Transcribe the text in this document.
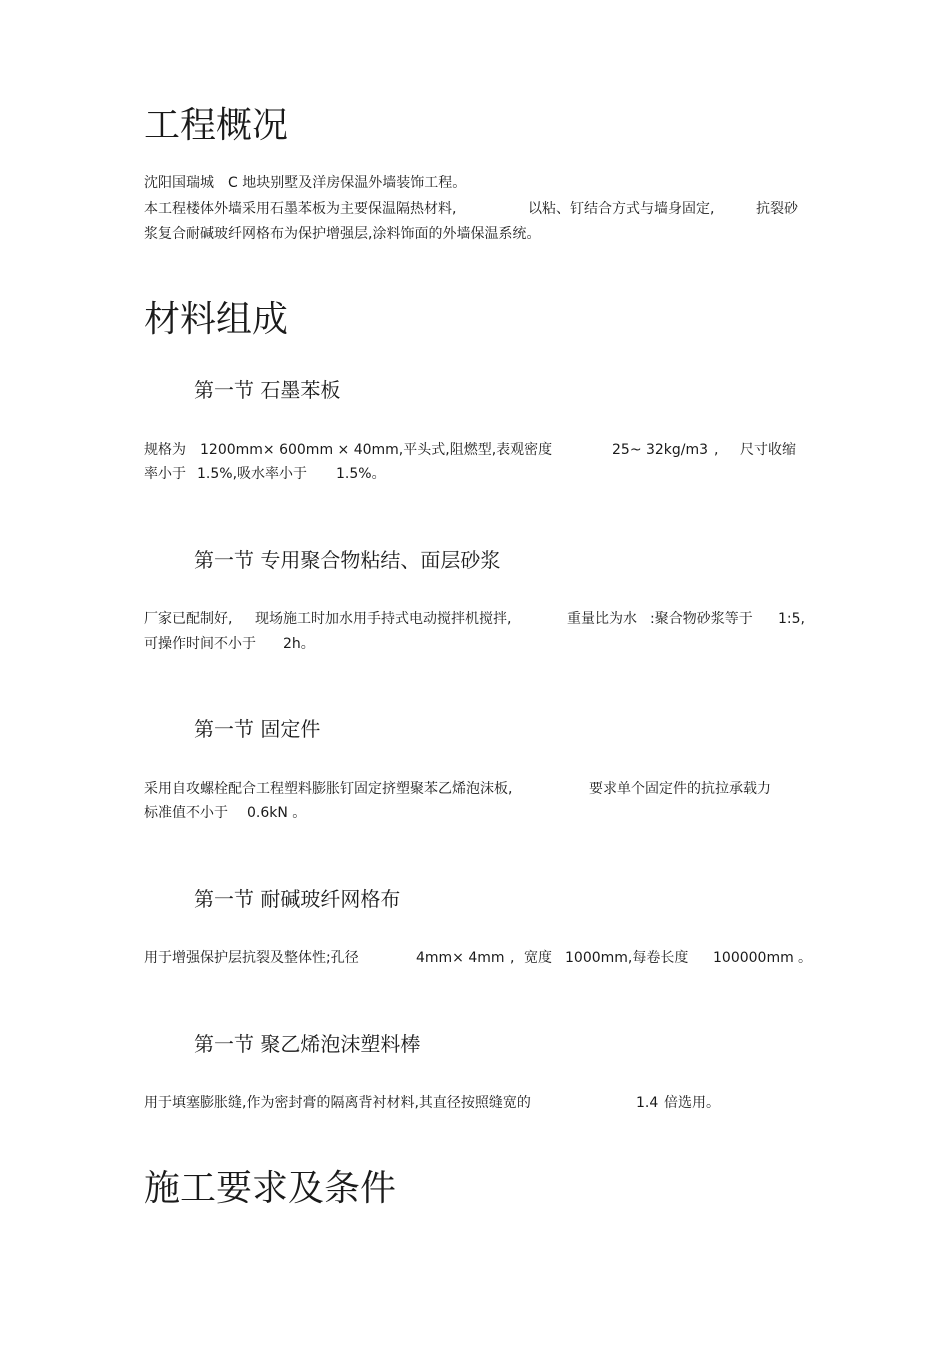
工程概况
沈阳国瑞城 C 地块别墅及洋房保温外墙装饰工程。
本工程楼体外墙采用石墨苯板为主要保温隔热材料,	以粘、钉结合方式与墙身固定,	抗裂砂
浆复合耐碱玻纤网格布为保护增强层,涂料饰面的外墙保温系统。
材料组成
第一节 石墨苯板
规格为 1200mm× 600mm × 40mm,平头式,阻燃型,表观密度	25~ 32kg/m3 , 尺寸收缩
率小于 1.5%,吸水率小于 1.5%。
第一节 专用聚合物粘结、面层砂浆
厂家已配制好, 现场施工时加水用手持式电动搅拌机搅拌,	重量比为水 :聚合物砂浆等于 1:5,
可操作时间不小于 2h。
第一节 固定件
采用自攻螺栓配合工程塑料膨胀钉固定挤塑聚苯乙烯泡沫板,	要求单个固定件的抗拉承载力
标准值不小于 0.6kN 。
第一节 耐碱玻纤网格布
用于增强保护层抗裂及整体性;孔径	4mm× 4mm , 宽度 1000mm,每卷长度 100000mm 。
第一节 聚乙烯泡沫塑料棒
用于填塞膨胀缝,作为密封膏的隔离背衬材料,其直径按照缝宽的	1.4 倍选用。
施工要求及条件
